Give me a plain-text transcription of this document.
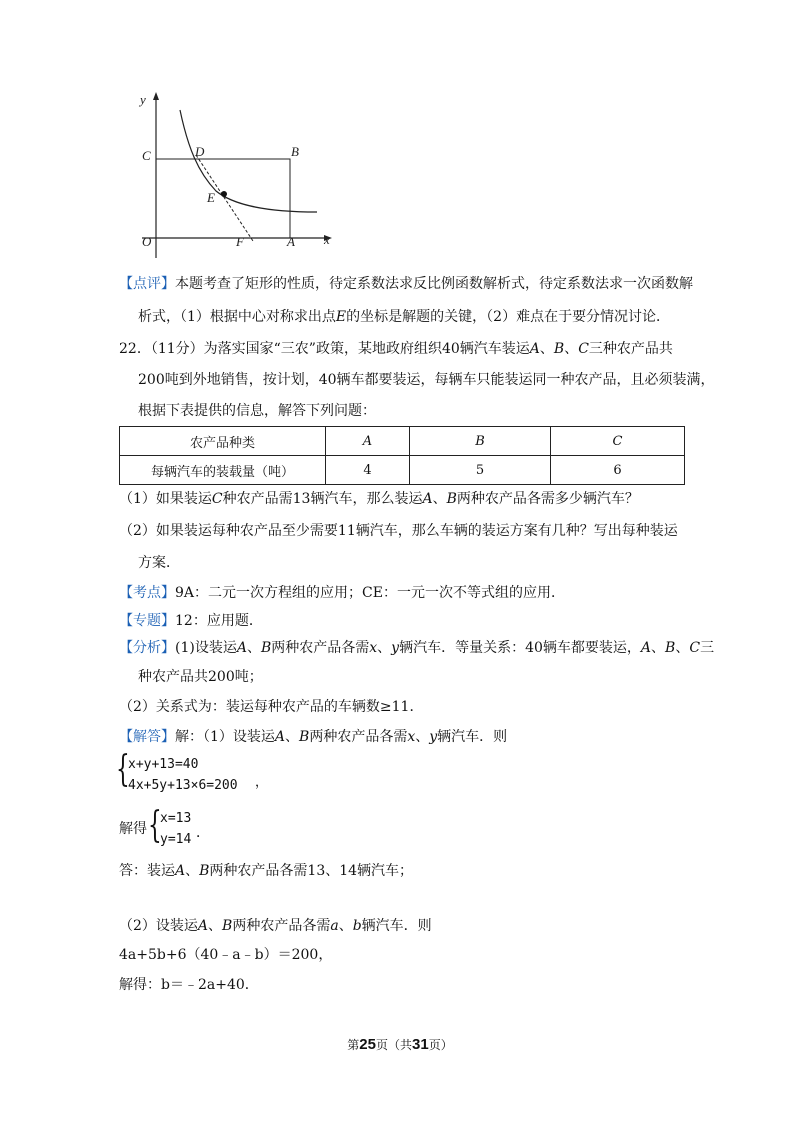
y
x
O
C	D	B
E
F	A
【点评】本题考查了矩形的性质，待定系数法求反比例函数解析式，待定系数法求一次函数解
析式，（1）根据中心对称求出点E的坐标是解题的关键，（2）难点在于要分情况讨论．
22．（11分）为落实国家“三农”政策，某地政府组织40辆汽车装运A、B、C三种农产品共
200吨到外地销售，按计划，40辆车都要装运，每辆车只能装运同一种农产品，且必须装满，
根据下表提供的信息，解答下列问题：
农产品种类	A	B	C
每辆汽车的装载量（吨）	4	5	6
（1）如果装运C种农产品需13辆汽车，那么装运A、B两种农产品各需多少辆汽车？
（2）如果装运每种农产品至少需要11辆汽车，那么车辆的装运方案有几种？写出每种装运
方案．
【考点】9A：二元一次方程组的应用；CE：一元一次不等式组的应用．
【专题】12：应用题．
【分析】(1)设装运A、B两种农产品各需x、y辆汽车．等量关系：40辆车都要装运，A、B、C三
种农产品共200吨；
（2）关系式为：装运每种农产品的车辆数≥11．
【解答】解：（1）设装运A、B两种农产品各需x、y辆汽车．则
{
x+y+13=40
4x+5y+13×6=200 ，
解得 {
x=13
y=14 ．
答：装运A、B两种农产品各需13、14辆汽车；
（2）设装运A、B两种农产品各需a、b辆汽车．则
4a+5b+6（40﹣a﹣b）＝200，
解得：b＝﹣2a+40．
第25页（共31页）
